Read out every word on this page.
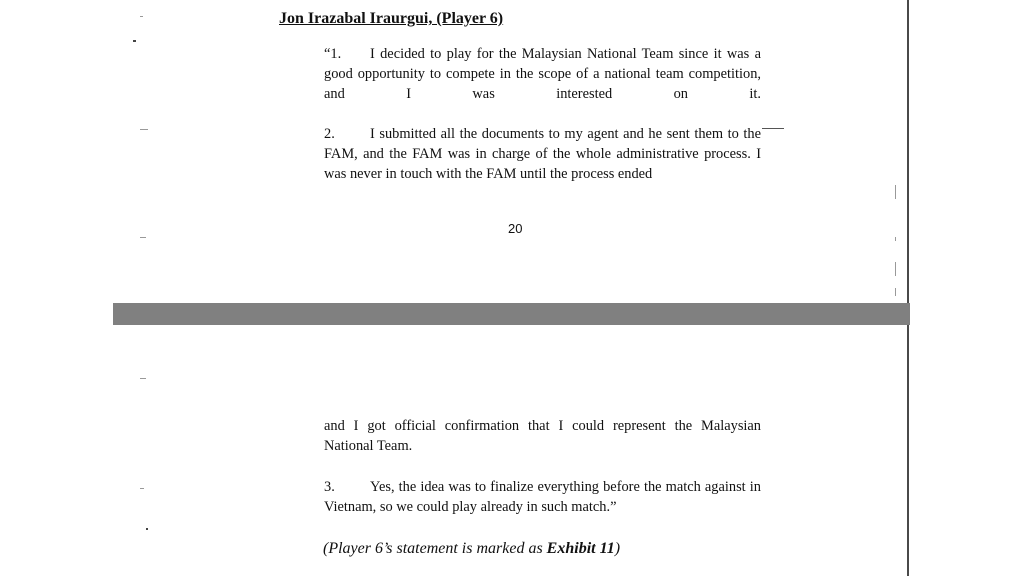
Jon Irazabal Iraurgui, (Player 6)
“1. I decided to play for the Malaysian National Team since it was a good opportunity to compete in the scope of a national team competition, and I was interested on it.
2. I submitted all the documents to my agent and he sent them to the FAM, and the FAM was in charge of the whole administrative process. I was never in touch with the FAM until the process ended
20
and I got official confirmation that I could represent the Malaysian National Team.
3. Yes, the idea was to finalize everything before the match against in Vietnam, so we could play already in such match.”
(Player 6’s statement is marked as Exhibit 11)
